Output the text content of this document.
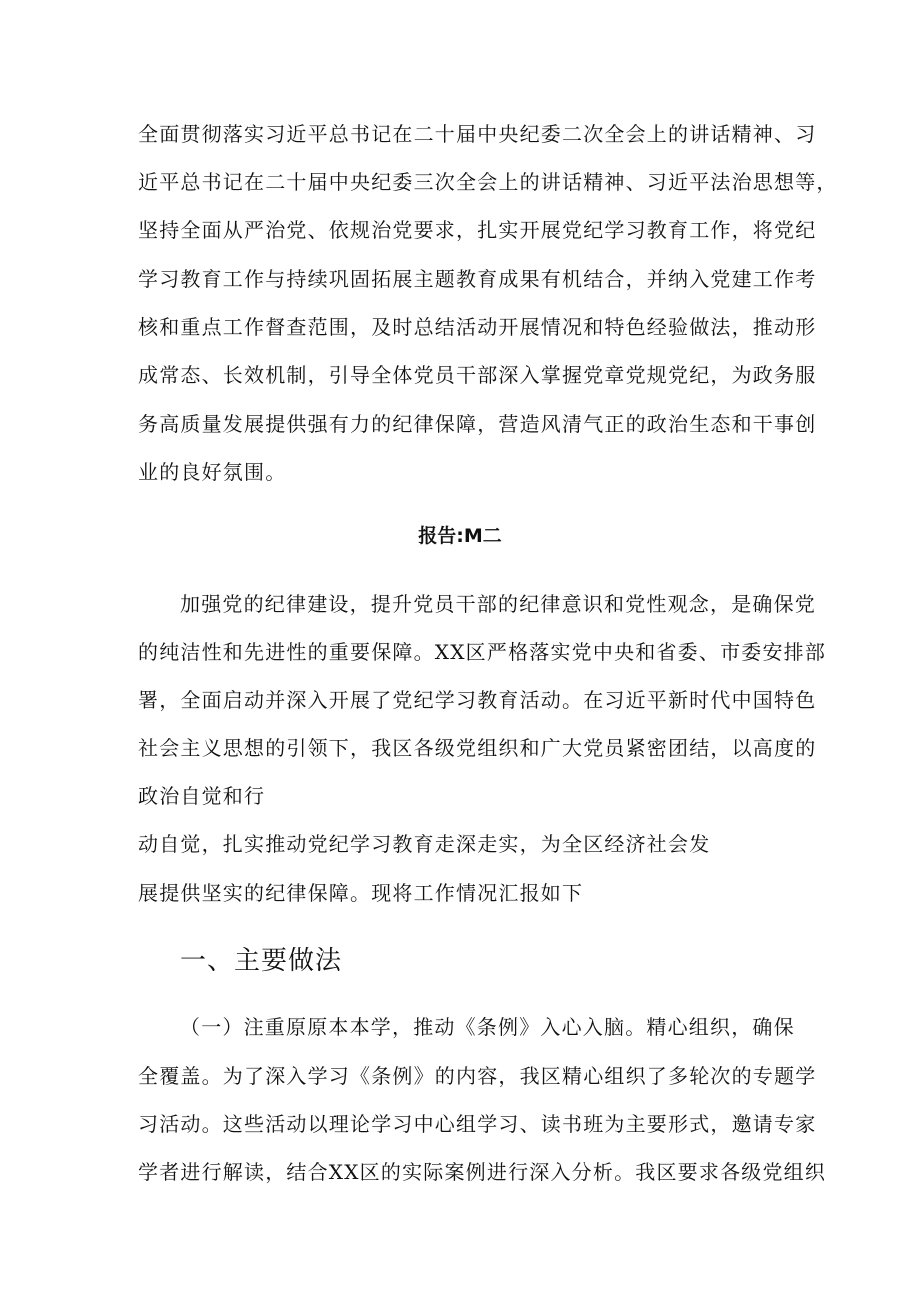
全面贯彻落实习近平总书记在二十届中央纪委二次全会上的讲话精神、习
近平总书记在二十届中央纪委三次全会上的讲话精神、习近平法治思想等，
坚持全面从严治党、依规治党要求，扎实开展党纪学习教育工作，将党纪
学习教育工作与持续巩固拓展主题教育成果有机结合，并纳入党建工作考
核和重点工作督查范围，及时总结活动开展情况和特色经验做法，推动形
成常态、长效机制，引导全体党员干部深入掌握党章党规党纪，为政务服
务高质量发展提供强有力的纪律保障，营造风清气正的政治生态和干事创
业的良好氛围。
报告:M二
加强党的纪律建设，提升党员干部的纪律意识和党性观念，是确保党
的纯洁性和先进性的重要保障。XX区严格落实党中央和省委、市委安排部
署，全面启动并深入开展了党纪学习教育活动。在习近平新时代中国特色
社会主义思想的引领下，我区各级党组织和广大党员紧密团结，以高度的
政治自觉和行
动自觉，扎实推动党纪学习教育走深走实，为全区经济社会发
展提供坚实的纪律保障。现将工作情况汇报如下
一、主要做法
（一）注重原原本本学，推动《条例》入心入脑。精心组织，确保
全覆盖。为了深入学习《条例》的内容，我区精心组织了多轮次的专题学
习活动。这些活动以理论学习中心组学习、读书班为主要形式，邀请专家
学者进行解读，结合XX区的实际案例进行深入分析。我区要求各级党组织
